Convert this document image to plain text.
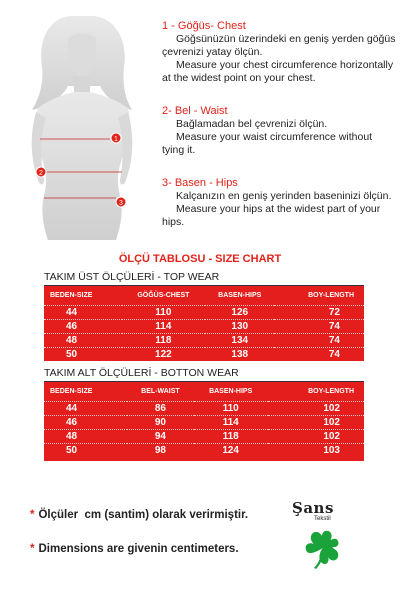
1
2
3

1 - Göğüs- Chest

Göğsünüzün üzerindeki en geniş yerden göğüs çevrenizi yatay ölçün.

Measure your chest circumference horizontally at the widest point on your chest.

2- Bel - Waist

Bağlamadan bel çevrenizi ölçün.

Measure your waist circumference without tying it.

3- Basen - Hips

Kalçanızın en geniş yerinden baseninizi ölçün.

Measure your hips at the widest part of your hips.

ÖLÇÜ TABLOSU - SIZE CHART
TAKIM ÜST ÖLÇÜLERİ - TOP WEAR
BEDEN-SIZE	GÖĞÜS-CHEST	BASEN-HIPS	BOY-LENGTH
44	110	126	72
46	114	130	74
48	118	134	74
50	122	138	74
TAKIM ALT ÖLÇÜLERİ - BOTTON WEAR
BEDEN-SIZE	BEL-WAIST	BASEN-HIPS	BOY-LENGTH
44	86	110	102
46	90	114	102
48	94	118	102
50	98	124	103
* Ölçüler  cm (santim) olarak verirmiştir.
* Dimensions are givenin centimeters.
Şans
Tekstil
